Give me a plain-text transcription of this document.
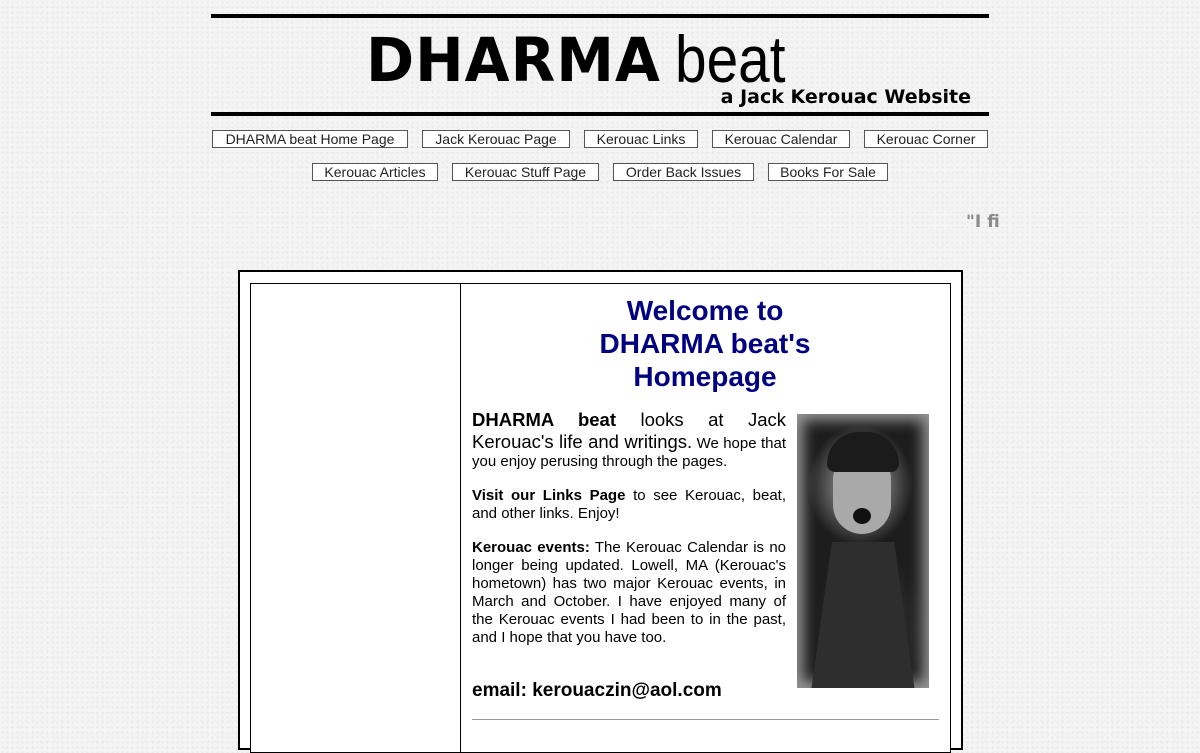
DHARMA beat
a Jack Kerouac Website
DHARMA beat Home Page	Jack Kerouac Page	Kerouac Links	Kerouac Calendar	Kerouac Corner
Kerouac Articles	Kerouac Stuff Page	Order Back Issues	Books For Sale
"I fi
Welcome to
DHARMA beat's
Homepage
DHARMA beat looks at Jack Kerouac's life and writings. We hope that you enjoy perusing through the pages.
Visit our Links Page to see Kerouac, beat, and other links. Enjoy!
Kerouac events: The Kerouac Calendar is no longer being updated. Lowell, MA (Kerouac's hometown) has two major Kerouac events, in March and October. I have enjoyed many of the Kerouac events I had been to in the past, and I hope that you have too.
email: kerouaczin@aol.com
